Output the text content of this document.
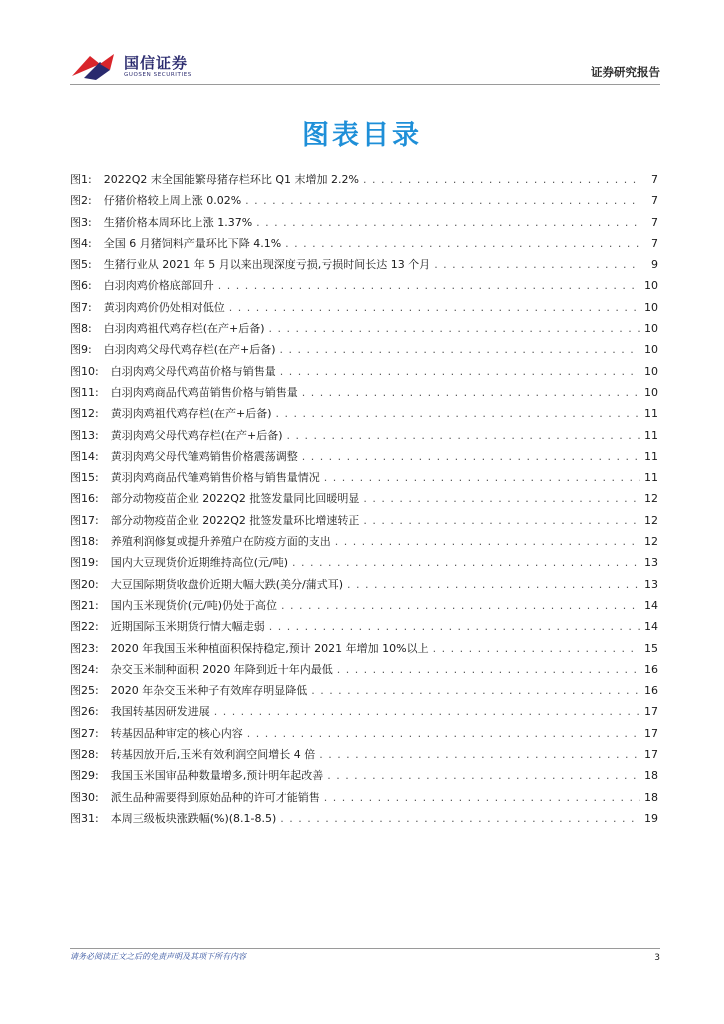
国信证券
GUOSEN SECURITIES	证券研究报告
图表目录
图1: 2022Q2 末全国能繁母猪存栏环比 Q1 末增加 2.2% . . .	7
图2: 仔猪价格较上周上涨 0.02% . . .	7
图3: 生猪价格本周环比上涨 1.37% . . .	7
图4: 全国 6 月猪饲料产量环比下降 4.1% . . .	7
图5: 生猪行业从 2021 年 5 月以来出现深度亏损,亏损时间长达 13 个月 . . .	9
图6: 白羽肉鸡价格底部回升 . . .	10
图7: 黄羽肉鸡价仍处相对低位 . . .	10
图8: 白羽肉鸡祖代鸡存栏(在产+后备) . . .	10
图9: 白羽肉鸡父母代鸡存栏(在产+后备) . . .	10
图10: 白羽肉鸡父母代鸡苗价格与销售量 . . .	10
图11: 白羽肉鸡商品代鸡苗销售价格与销售量 . . .	10
图12: 黄羽肉鸡祖代鸡存栏(在产+后备) . . .	11
图13: 黄羽肉鸡父母代鸡存栏(在产+后备) . . .	11
图14: 黄羽肉鸡父母代雏鸡销售价格震荡调整 . . .	11
图15: 黄羽肉鸡商品代雏鸡销售价格与销售量情况 . . .	11
图16: 部分动物疫苗企业 2022Q2 批签发量同比回暖明显 . . .	12
图17: 部分动物疫苗企业 2022Q2 批签发量环比增速转正 . . .	12
图18: 养殖利润修复或提升养殖户在防疫方面的支出 . . .	12
图19: 国内大豆现货价近期维持高位(元/吨) . . .	13
图20: 大豆国际期货收盘价近期大幅大跌(美分/蒲式耳) . . .	13
图21: 国内玉米现货价(元/吨)仍处于高位 . . .	14
图22: 近期国际玉米期货行情大幅走弱 . . .	14
图23: 2020 年我国玉米种植面积保持稳定,预计 2021 年增加 10%以上 . . .	15
图24: 杂交玉米制种面积 2020 年降到近十年内最低 . . .	16
图25: 2020 年杂交玉米种子有效库存明显降低 . . .	16
图26: 我国转基因研发进展 . . .	17
图27: 转基因品种审定的核心内容 . . .	17
图28: 转基因放开后,玉米有效利润空间增长 4 倍 . . .	17
图29: 我国玉米国审品种数量增多,预计明年起改善 . . .	18
图30: 派生品种需要得到原始品种的许可才能销售 . . .	18
图31: 本周三级板块涨跌幅(%)(8.1-8.5) . . .	19
请务必阅读正文之后的免责声明及其项下所有内容	3
